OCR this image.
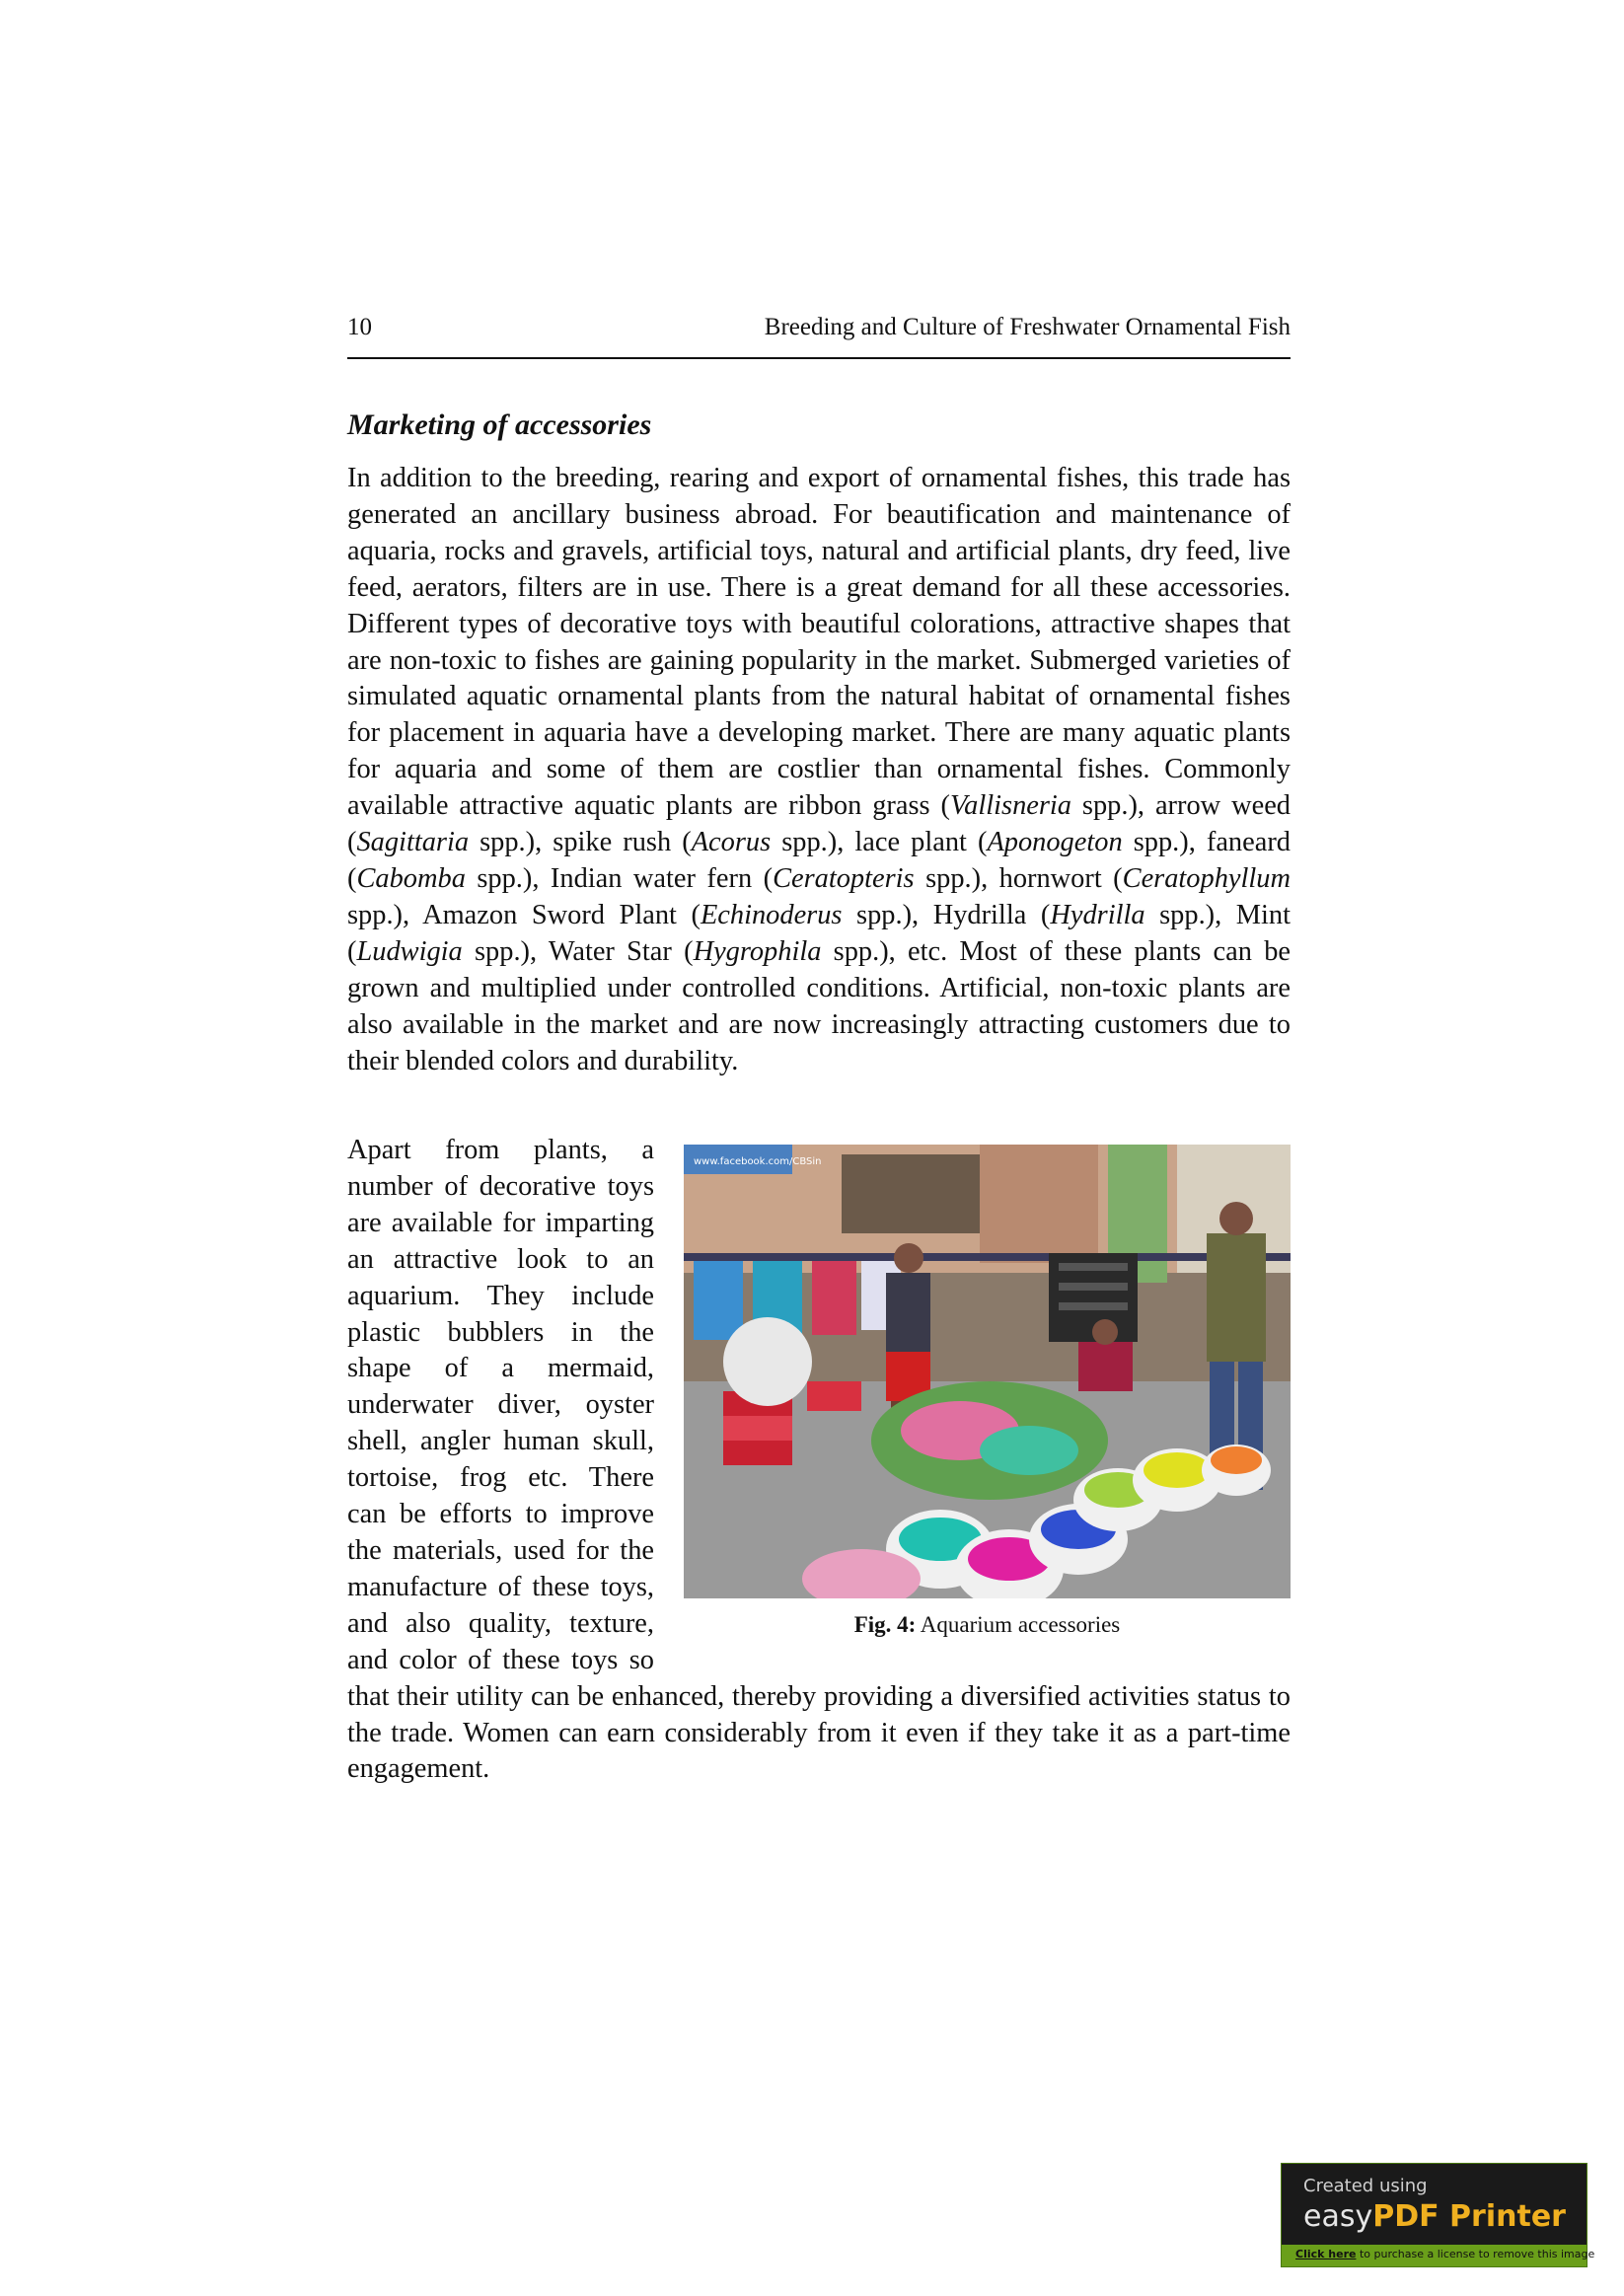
10	Breeding and Culture of Freshwater Ornamental Fish
Marketing of accessories

In addition to the breeding, rearing and export of ornamental fishes, this trade has generated an ancillary business abroad. For beautification and maintenance of aquaria, rocks and gravels, artificial toys, natural and artificial plants, dry feed, live feed, aerators, filters are in use. There is a great demand for all these accessories. Different types of decorative toys with beautiful colorations, attractive shapes that are non-toxic to fishes are gaining popularity in the market. Submerged varieties of simulated aquatic ornamental plants from the natural habitat of ornamental fishes for placement in aquaria have a developing market. There are many aquatic plants for aquaria and some of them are costlier than ornamental fishes. Commonly available attractive aquatic plants are ribbon grass (Vallisneria spp.), arrow weed (Sagittaria spp.), spike rush (Acorus spp.), lace plant (Aponogeton spp.), faneard (Cabomba spp.), Indian water fern (Ceratopteris spp.), hornwort (Ceratophyllum spp.), Amazon Sword Plant (Echinoderus spp.), Hydrilla (Hydrilla spp.), Mint (Ludwigia spp.), Water Star (Hygrophila spp.), etc. Most of these plants can be grown and multiplied under controlled conditions. Artificial, non-toxic plants are also available in the market and are now increasingly attracting customers due to their blended colors and durability.

www.facebook.com/CBSin
Fig. 4: Aquarium accessories

Apart from plants, a number of decorative toys are available for imparting an attractive look to an aquarium. They include plastic bubblers in the shape of a mermaid, underwater diver, oyster shell, angler human skull, tortoise, frog etc. There can be efforts to improve the materials, used for the manufacture of these toys, and also quality, texture, and color of these toys so that their utility can be enhanced, thereby providing a diversified activities status to the trade. Women can earn considerably from it even if they take it as a part-time engagement.

Created using
easyPDF Printer
Click here to purchase a license to remove this image
